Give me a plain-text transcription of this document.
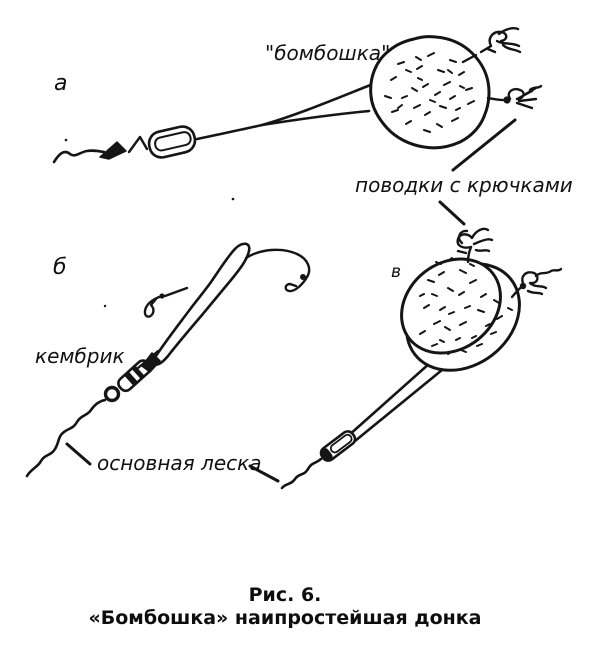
а
"бомбошка"
поводки с крючками
б	в
кембрик
основная леска
Рис. 6.
«Бомбошка» наипростейшая донка
